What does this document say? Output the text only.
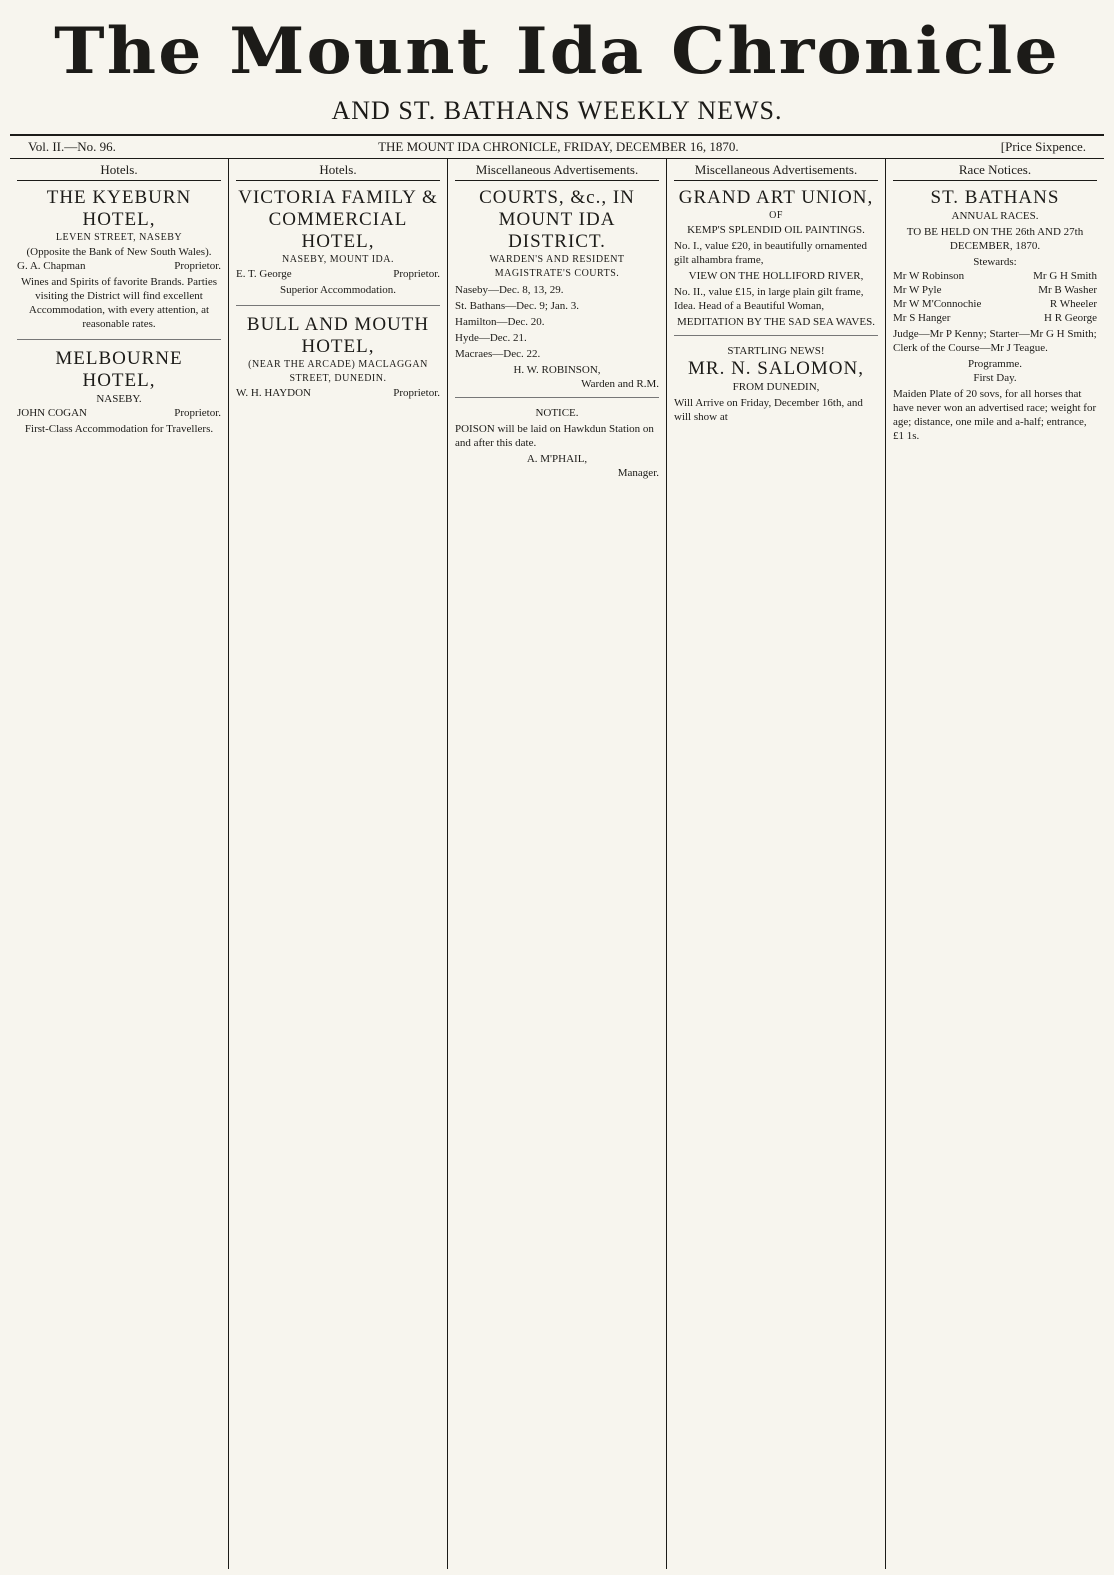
The Mount Ida Chronicle
AND ST. BATHANS WEEKLY NEWS.
Vol. II.—No. 96.	THE MOUNT IDA CHRONICLE, FRIDAY, DECEMBER 16, 1870.	[Price Sixpence.
Hotels.
THE KYEBURN HOTEL,
LEVEN STREET, NASEBY
(Opposite the Bank of New South Wales).
G. A. Chapman	Proprietor.

Wines and Spirits of favorite Brands. Parties visiting the District will find excellent Accommodation, with every attention, at reasonable rates.

MELBOURNE HOTEL,
NASEBY.
JOHN COGAN	Proprietor.

First-Class Accommodation for Travellers.

Hotels.
VICTORIA FAMILY & COMMERCIAL HOTEL,
NASEBY, MOUNT IDA.
E. T. George	Proprietor.

Superior Accommodation.

BULL AND MOUTH HOTEL,
(NEAR THE ARCADE) MACLAGGAN STREET, DUNEDIN.
W. H. HAYDON	Proprietor.
Miscellaneous Advertisements.
COURTS, &c., IN MOUNT IDA DISTRICT.
WARDEN'S AND RESIDENT MAGISTRATE'S COURTS.

Naseby—Dec. 8, 13, 29.

St. Bathans—Dec. 9; Jan. 3.

Hamilton—Dec. 20.

Hyde—Dec. 21.

Macraes—Dec. 22.

H. W. ROBINSON,
Warden and R.M.
NOTICE.

POISON will be laid on Hawkdun Station on and after this date.

A. M'PHAIL,
Manager.
Miscellaneous Advertisements.
GRAND ART UNION,
OF
KEMP'S SPLENDID OIL PAINTINGS.

No. I., value £20, in beautifully ornamented gilt alhambra frame,

VIEW ON THE HOLLIFORD RIVER,

No. II., value £15, in large plain gilt frame, Idea. Head of a Beautiful Woman,

MEDITATION BY THE SAD SEA WAVES.
STARTLING NEWS!
MR. N. SALOMON,
FROM DUNEDIN,

Will Arrive on Friday, December 16th, and will show at

Race Notices.
ST. BATHANS
ANNUAL RACES.

TO BE HELD ON THE 26th AND 27th DECEMBER, 1870.

Stewards:
Mr W Robinson	Mr G H Smith
Mr W Pyle	Mr B Washer
Mr W M'Connochie	R Wheeler
Mr S Hanger	H R George

Judge—Mr P Kenny; Starter—Mr G H Smith; Clerk of the Course—Mr J Teague.

Programme.
First Day.

Maiden Plate of 20 sovs, for all horses that have never won an advertised race; weight for age; distance, one mile and a-half; entrance, £1 1s.
